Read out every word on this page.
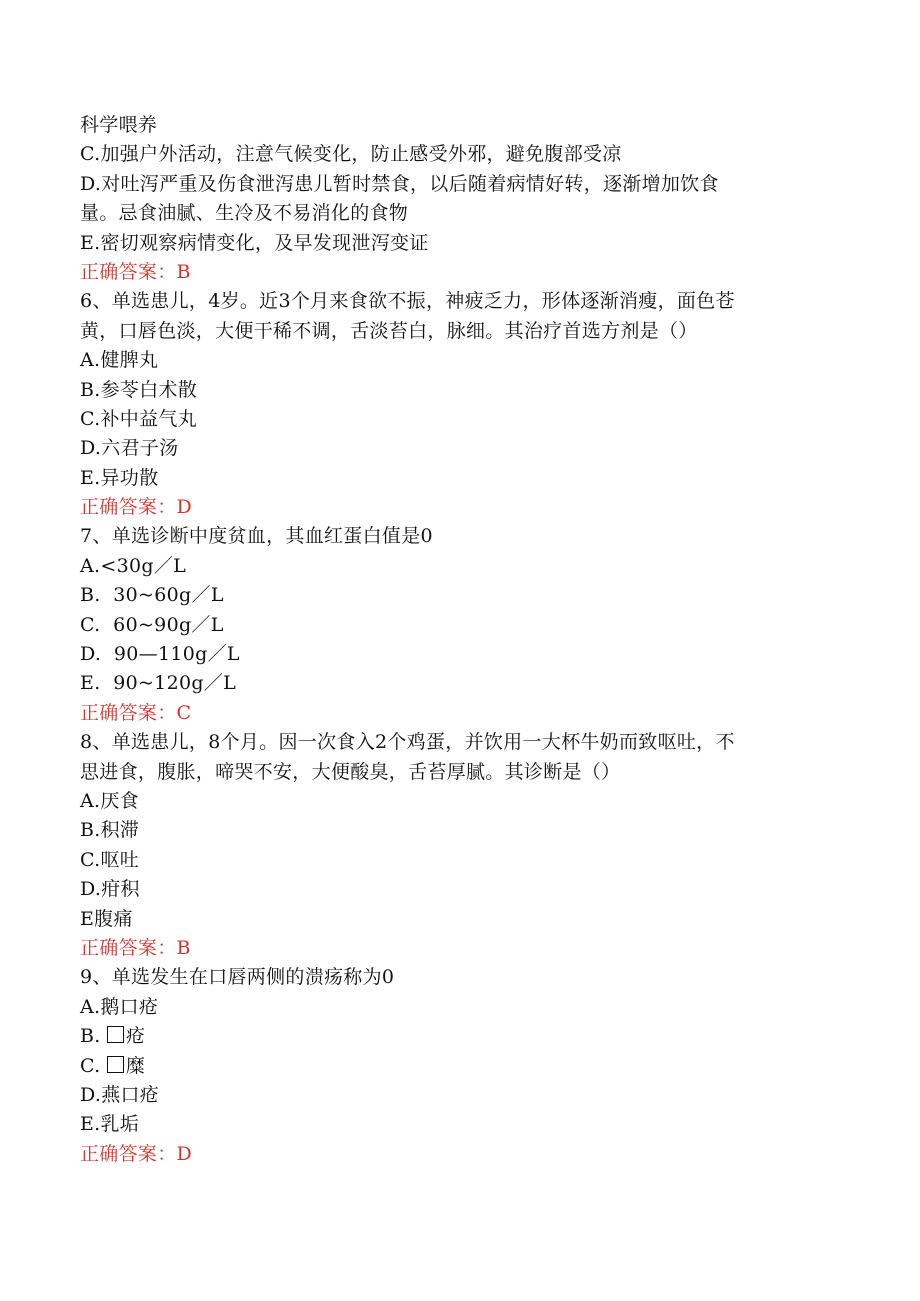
科学喂养
C.加强户外活动，注意气候变化，防止感受外邪，避免腹部受凉
D.对吐泻严重及伤食泄泻患儿暂时禁食，以后随着病情好转，逐渐增加饮食
量。忌食油腻、生冷及不易消化的食物
E.密切观察病情变化，及早发现泄泻变证
正确答案：B
6、单选患儿，4岁。近3个月来食欲不振，神疲乏力，形体逐渐消瘦，面色苍
黄，口唇色淡，大便干稀不调，舌淡苔白，脉细。其治疗首选方剂是（）
A.健脾丸
B.参苓白术散
C.补中益气丸
D.六君子汤
E.异功散
正确答案：D
7、单选诊断中度贫血，其血红蛋白值是0
A.<30g／L
B.  30~60g／L
C.  60~90g／L
D.  90—110g／L
E.  90~120g／L
正确答案：C
8、单选患儿，8个月。因一次食入2个鸡蛋，并饮用一大杯牛奶而致呕吐，不
思进食，腹胀，啼哭不安，大便酸臭，舌苔厚腻。其诊断是（）
A.厌食
B.积滞
C.呕吐
D.疳积
E腹痛
正确答案：B
9、单选发生在口唇两侧的溃疡称为0
A.鹅口疮
B. 疮
C. 糜
D.燕口疮
E.乳垢
正确答案：D
